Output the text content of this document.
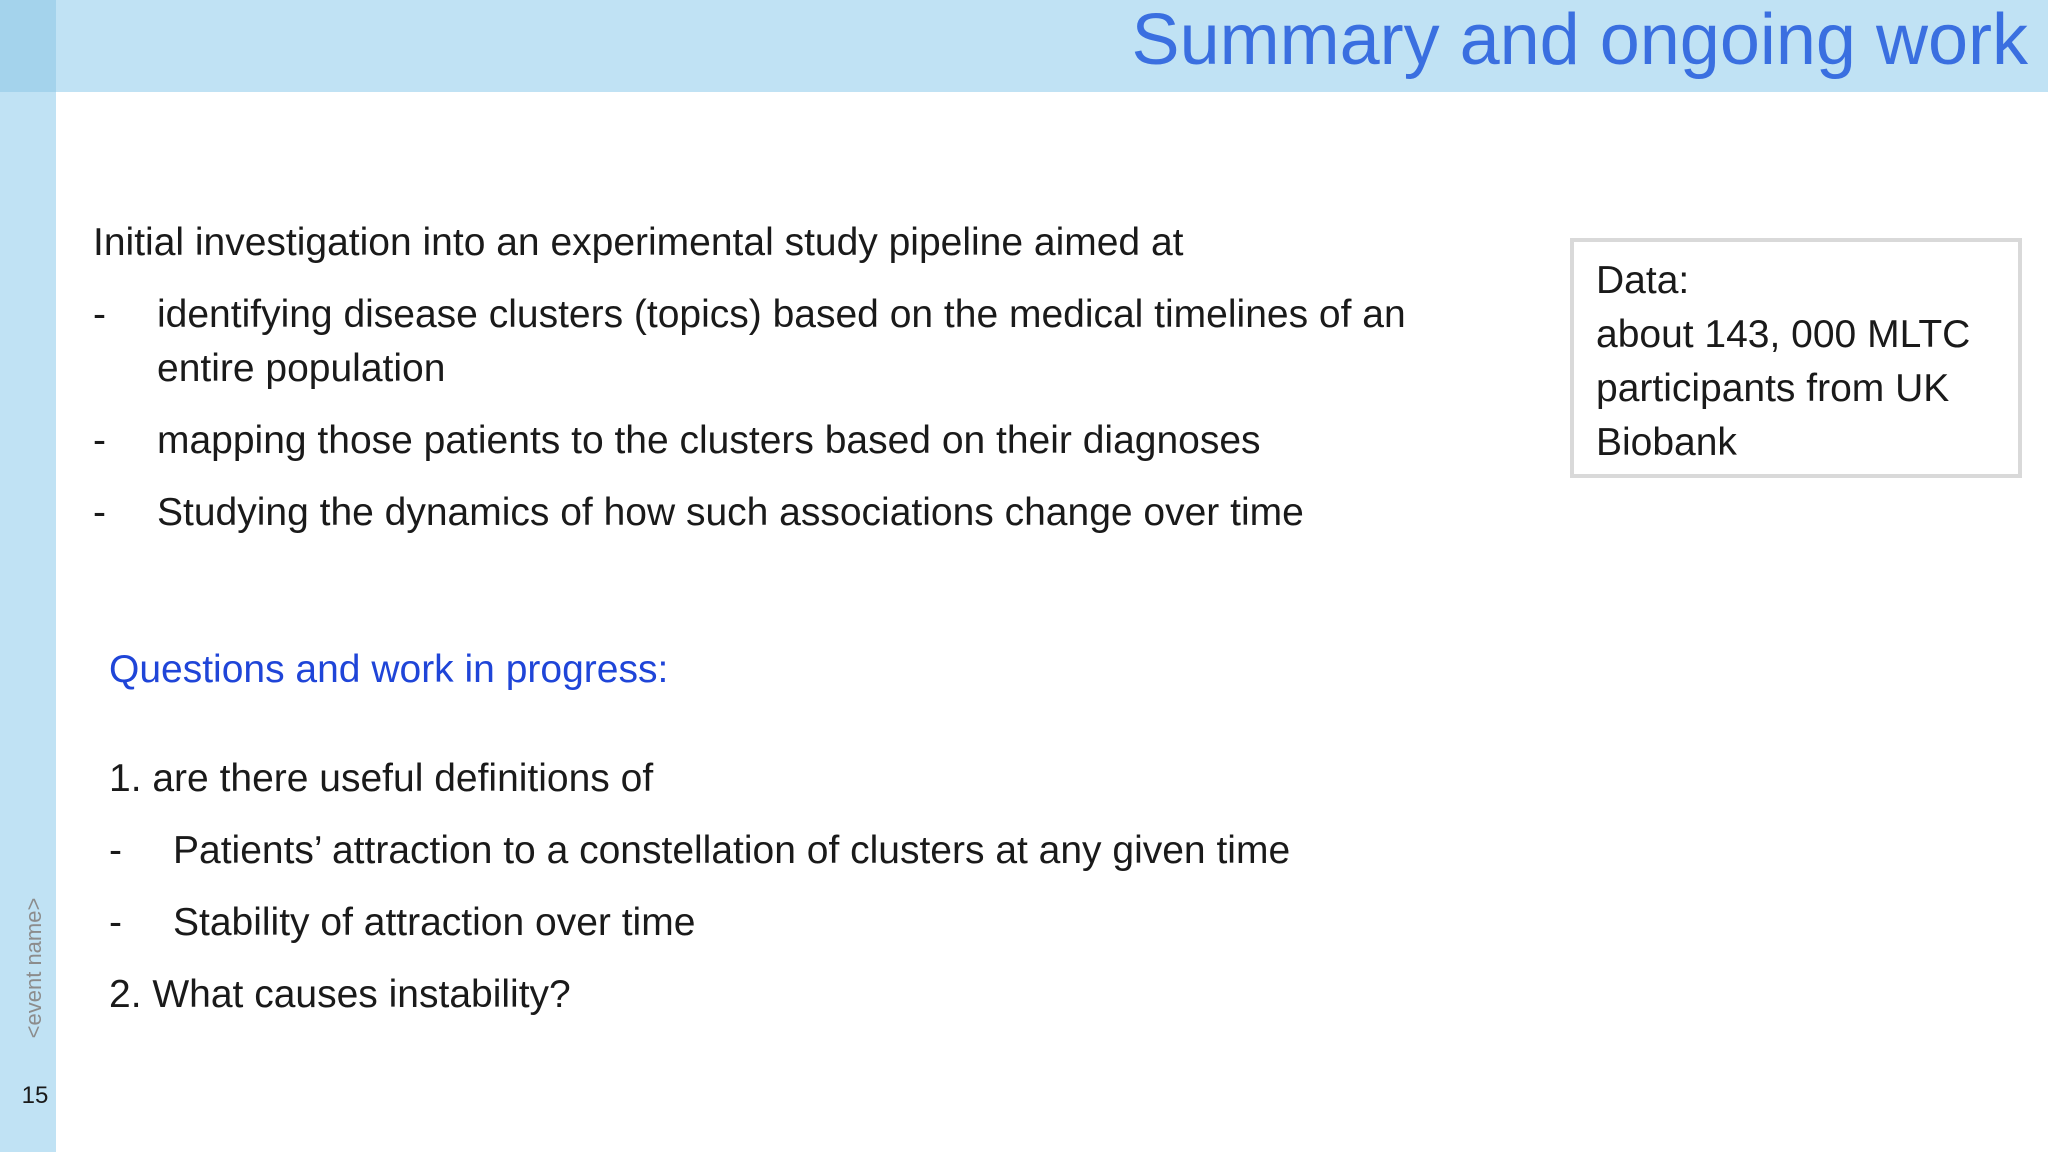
Summary and ongoing work
<event name>
15
Initial investigation into an experimental study pipeline aimed at
- identifying disease clusters (topics) based on the medical timelines of an
entire population
- mapping those patients to the clusters based on their diagnoses
- Studying the dynamics of how such associations change over time
Data:
about 143, 000 MLTC
participants from UK
Biobank
Questions and work in progress:
1. are there useful definitions of
- Patients’ attraction to a constellation of clusters at any given time
- Stability of attraction over time
2. What causes instability?
